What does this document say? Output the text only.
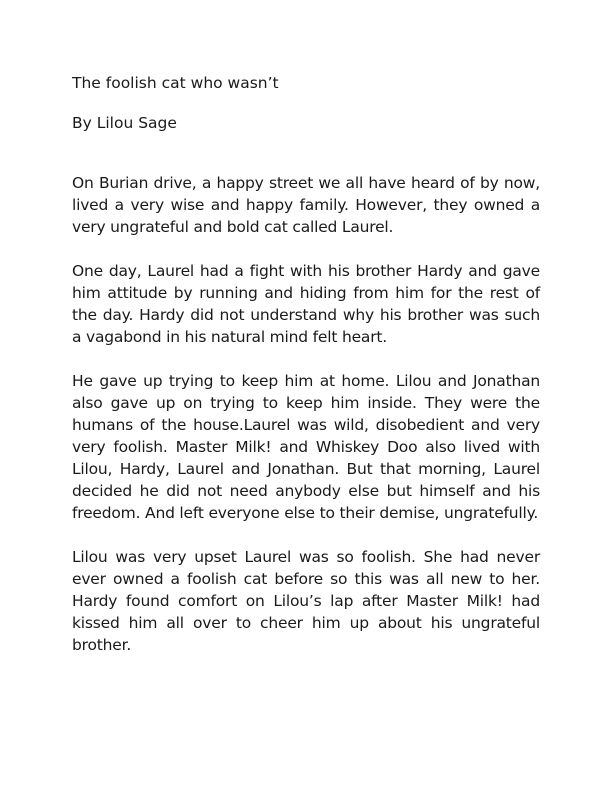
The foolish cat who wasn’t

By Lilou Sage

On Burian drive, a happy street we all have heard of by now, lived a very wise and happy family. However, they owned a very ungrateful and bold cat called Laurel.

One day, Laurel had a fight with his brother Hardy and gave him attitude by running and hiding from him for the rest of the day. Hardy did not understand why his brother was such a vagabond in his natural mind felt heart.

He gave up trying to keep him at home. Lilou and Jonathan also gave up on trying to keep him inside. They were the humans of the house.Laurel was wild, disobedient and very very foolish. Master Milk! and Whiskey Doo also lived with Lilou, Hardy, Laurel and Jonathan. But that morning, Laurel decided he did not need anybody else but himself and his freedom. And left everyone else to their demise, ungratefully.

Lilou was very upset Laurel was so foolish. She had never ever owned a foolish cat before so this was all new to her. Hardy found comfort on Lilou’s lap after Master Milk! had kissed him all over to cheer him up about his ungrateful brother.
